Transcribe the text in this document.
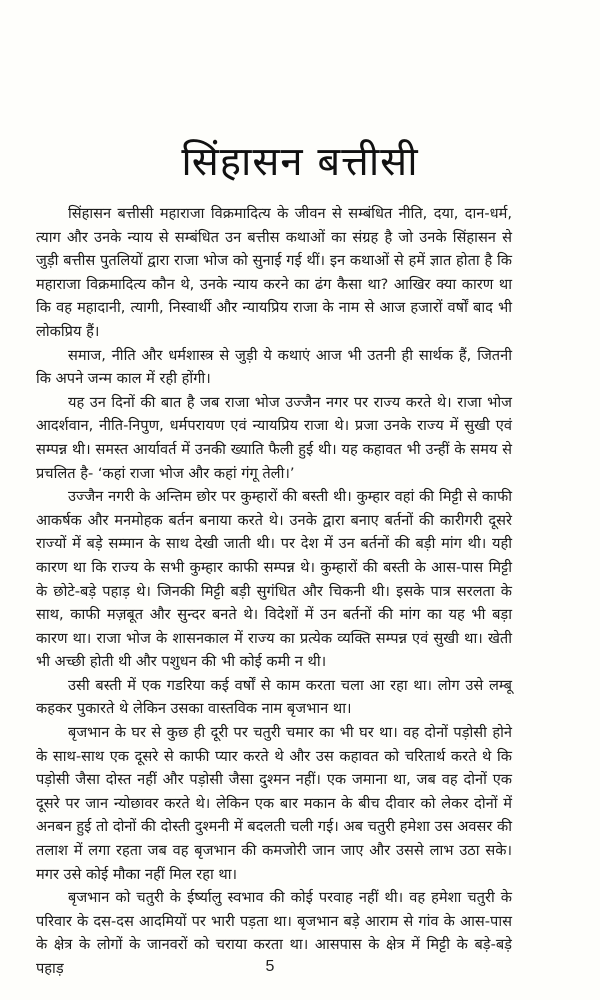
सिंहासन बत्तीसी

सिंहासन बत्तीसी महाराजा विक्रमादित्य के जीवन से सम्बंधित नीति, दया, दान-धर्म, त्याग और उनके न्याय से सम्बंधित उन बत्तीस कथाओं का संग्रह है जो उनके सिंहासन से जुड़ी बत्तीस पुतलियों द्वारा राजा भोज को सुनाई गई थीं। इन कथाओं से हमें ज्ञात होता है कि महाराजा विक्रमादित्य कौन थे, उनके न्याय करने का ढंग कैसा था? आखिर क्या कारण था कि वह महादानी, त्यागी, निस्वार्थी और न्यायप्रिय राजा के नाम से आज हजारों वर्षों बाद भी लोकप्रिय हैं।

समाज, नीति और धर्मशास्त्र से जुड़ी ये कथाएं आज भी उतनी ही सार्थक हैं, जितनी कि अपने जन्म काल में रही होंगी।

यह उन दिनों की बात है जब राजा भोज उज्जैन नगर पर राज्य करते थे। राजा भोज आदर्शवान, नीति-निपुण, धर्मपरायण एवं न्यायप्रिय राजा थे। प्रजा उनके राज्य में सुखी एवं सम्पन्न थी। समस्त आर्यावर्त में उनकी ख्याति फैली हुई थी। यह कहावत भी उन्हीं के समय से प्रचलित है- ‘कहां राजा भोज और कहां गंगू तेली।’

उज्जैन नगरी के अन्तिम छोर पर कुम्हारों की बस्ती थी। कुम्हार वहां की मिट्टी से काफी आकर्षक और मनमोहक बर्तन बनाया करते थे। उनके द्वारा बनाए बर्तनों की कारीगरी दूसरे राज्यों में बड़े सम्मान के साथ देखी जाती थी। पर देश में उन बर्तनों की बड़ी मांग थी। यही कारण था कि राज्य के सभी कुम्हार काफी सम्पन्न थे। कुम्हारों की बस्ती के आस-पास मिट्टी के छोटे-बड़े पहाड़ थे। जिनकी मिट्टी बड़ी सुगंधित और चिकनी थी। इसके पात्र सरलता के साथ, काफी मज़बूत और सुन्दर बनते थे। विदेशों में उन बर्तनों की मांग का यह भी बड़ा कारण था। राजा भोज के शासनकाल में राज्य का प्रत्येक व्यक्ति सम्पन्न एवं सुखी था। खेती भी अच्छी होती थी और पशुधन की भी कोई कमी न थी।

उसी बस्ती में एक गडरिया कई वर्षों से काम करता चला आ रहा था। लोग उसे लम्बू कहकर पुकारते थे लेकिन उसका वास्तविक नाम बृजभान था।

बृजभान के घर से कुछ ही दूरी पर चतुरी चमार का भी घर था। वह दोनों पड़ोसी होने के साथ-साथ एक दूसरे से काफी प्यार करते थे और उस कहावत को चरितार्थ करते थे कि पड़ोसी जैसा दोस्त नहीं और पड़ोसी जैसा दुश्मन नहीं। एक जमाना था, जब वह दोनों एक दूसरे पर जान न्योछावर करते थे। लेकिन एक बार मकान के बीच दीवार को लेकर दोनों में अनबन हुई तो दोनों की दोस्ती दुश्मनी में बदलती चली गई। अब चतुरी हमेशा उस अवसर की तलाश में लगा रहता जब वह बृजभान की कमजोरी जान जाए और उससे लाभ उठा सके। मगर उसे कोई मौका नहीं मिल रहा था।

बृजभान को चतुरी के ईर्ष्यालु स्वभाव की कोई परवाह नहीं थी। वह हमेशा चतुरी के परिवार के दस-दस आदमियों पर भारी पड़ता था। बृजभान बड़े आराम से गांव के आस-पास के क्षेत्र के लोगों के जानवरों को चराया करता था। आसपास के क्षेत्र में मिट्टी के बड़े-बड़े पहाड़	5
